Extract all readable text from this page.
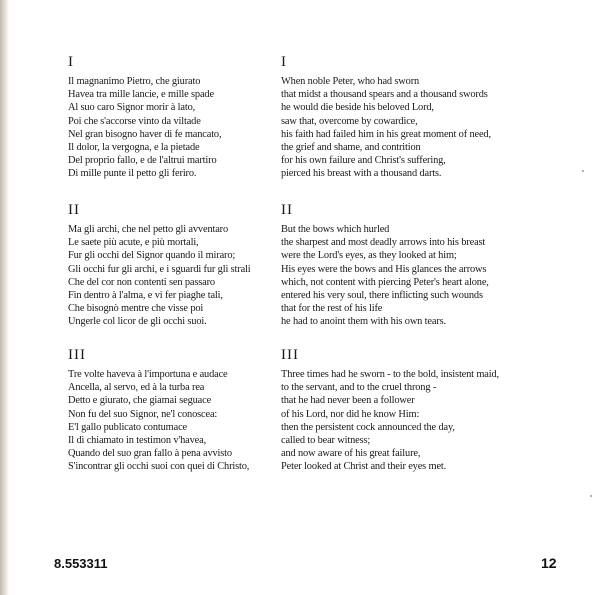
I
Il magnanimo Pietro, che giurato
Havea tra mille lancie, e mille spade
Al suo caro Signor morir à lato,
Poi che s'accorse vinto da viltade
Nel gran bisogno haver di fe mancato,
Il dolor, la vergogna, e la pietade
Del proprio fallo, e de l'altrui martiro
Di mille punte il petto gli feriro.
II
Ma gli archi, che nel petto gli avventaro
Le saete più acute, e più mortali,
Fur gli occhi del Signor quando il miraro;
Gli occhi fur gli archi, e i sguardi fur gli strali
Che del cor non contenti sen passaro
Fin dentro à l'alma, e vi fer piaghe tali,
Che bisognò mentre che visse poi
Ungerle col licor de gli occhi suoi.
III
Tre volte haveva à l'importuna e audace
Ancella, al servo, ed à la turba rea
Detto e giurato, che giamai seguace
Non fu del suo Signor, ne'l conoscea:
E'l gallo publicato contumace
Il dì chiamato in testimon v'havea,
Quando del suo gran fallo à pena avvisto
S'incontrar gli occhi suoi con quei di Christo,
I
When noble Peter, who had sworn
that midst a thousand spears and a thousand swords
he would die beside his beloved Lord,
saw that, overcome by cowardice,
his faith had failed him in his great moment of need,
the grief and shame, and contrition
for his own failure and Christ's suffering,
pierced his breast with a thousand darts.
II
But the bows which hurled
the sharpest and most deadly arrows into his breast
were the Lord's eyes, as they looked at him;
His eyes were the bows and His glances the arrows
which, not content with piercing Peter's heart alone,
entered his very soul, there inflicting such wounds
that for the rest of his life
he had to anoint them with his own tears.
III
Three times had he sworn - to the bold, insistent maid,
to the servant, and to the cruel throng -
that he had never been a follower
of his Lord, nor did he know Him:
then the persistent cock announced the day,
called to bear witness;
and now aware of his great failure,
Peter looked at Christ and their eyes met.
8.553311	12
